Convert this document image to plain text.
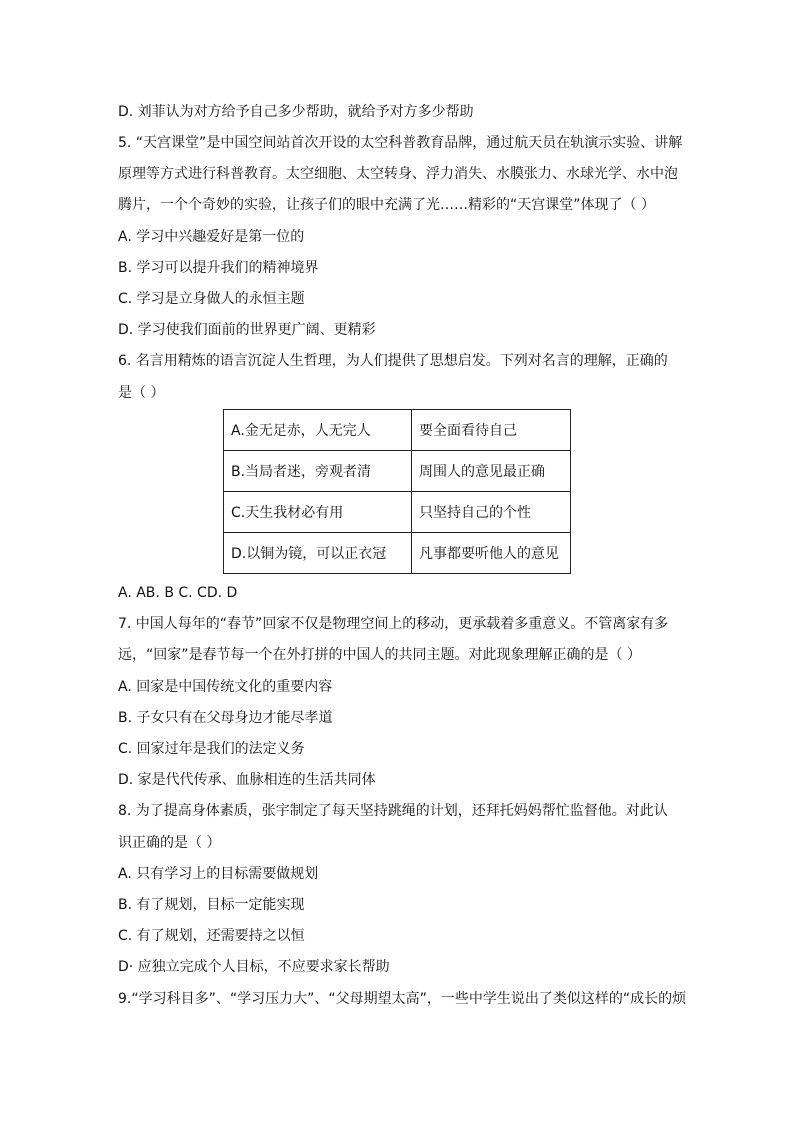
D. 刘菲认为对方给予自己多少帮助，就给予对方多少帮助
5. “天宫课堂”是中国空间站首次开设的太空科普教育品牌，通过航天员在轨演示实验、讲解
原理等方式进行科普教育。太空细胞、太空转身、浮力消失、水膜张力、水球光学、水中泡
腾片，一个个奇妙的实验，让孩子们的眼中充满了光……精彩的“天宫课堂”体现了（ ）
A. 学习中兴趣爱好是第一位的
B. 学习可以提升我们的精神境界
C. 学习是立身做人的永恒主题
D. 学习使我们面前的世界更广阔、更精彩
6. 名言用精炼的语言沉淀人生哲理，为人们提供了思想启发。下列对名言的理解，正确的
是（ ）
A.金无足赤，人无完人	要全面看待自己
B.当局者迷，旁观者清	周围人的意见最正确
C.天生我材必有用	只坚持自己的个性
D.以铜为镜，可以正衣冠	凡事都要听他人的意见
A. AB. B C. CD. D
7. 中国人每年的“春节”回家不仅是物理空间上的移动，更承载着多重意义。不管离家有多
远，“回家”是春节每一个在外打拼的中国人的共同主题。对此现象理解正确的是（ ）
A. 回家是中国传统文化的重要内容
B. 子女只有在父母身边才能尽孝道
C. 回家过年是我们的法定义务
D. 家是代代传承、血脉相连的生活共同体
8. 为了提高身体素质，张宇制定了每天坚持跳绳的计划，还拜托妈妈帮忙监督他。对此认
识正确的是（ ）
A. 只有学习上的目标需要做规划
B. 有了规划，目标一定能实现
C. 有了规划，还需要持之以恒
D· 应独立完成个人目标，不应要求家长帮助
9.“学习科目多”、“学习压力大”、“父母期望太高”，一些中学生说出了类似这样的“成长的烦
